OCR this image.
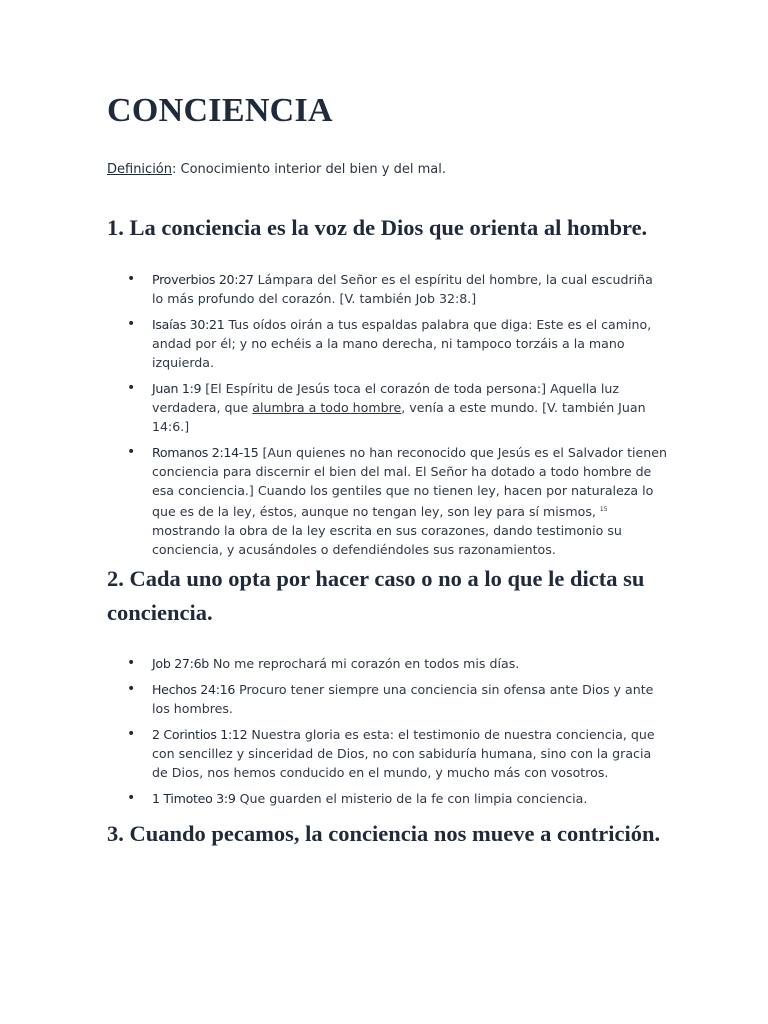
CONCIENCIA
Definición: Conocimiento interior del bien y del mal.
1. La conciencia es la voz de Dios que orienta al hombre.
• Proverbios 20:27 Lámpara del Señor es el espíritu del hombre, la cual escudriña lo más profundo del corazón. [V. también Job 32:8.]
• Isaías 30:21 Tus oídos oirán a tus espaldas palabra que diga: Este es el camino, andad por él; y no echéis a la mano derecha, ni tampoco torzáis a la mano izquierda.
• Juan 1:9 [El Espíritu de Jesús toca el corazón de toda persona:] Aquella luz verdadera, que alumbra a todo hombre, venía a este mundo. [V. también Juan 14:6.]
• Romanos 2:14-15 [Aun quienes no han reconocido que Jesús es el Salvador tienen conciencia para discernir el bien del mal. El Señor ha dotado a todo hombre de esa conciencia.] Cuando los gentiles que no tienen ley, hacen por naturaleza lo que es de la ley, éstos, aunque no tengan ley, son ley para sí mismos, $^{15}$ mostrando la obra de la ley escrita en sus corazones, dando testimonio su conciencia, y acusándoles o defendiéndoles sus razonamientos.
2. Cada uno opta por hacer caso o no a lo que le dicta su conciencia.
• Job 27:6b No me reprochará mi corazón en todos mis días.
• Hechos 24:16 Procuro tener siempre una conciencia sin ofensa ante Dios y ante los hombres.
• 2 Corintios 1:12 Nuestra gloria es esta: el testimonio de nuestra conciencia, que con sencillez y sinceridad de Dios, no con sabiduría humana, sino con la gracia de Dios, nos hemos conducido en el mundo, y mucho más con vosotros.
• 1 Timoteo 3:9 Que guarden el misterio de la fe con limpia conciencia.
3. Cuando pecamos, la conciencia nos mueve a contrición.
